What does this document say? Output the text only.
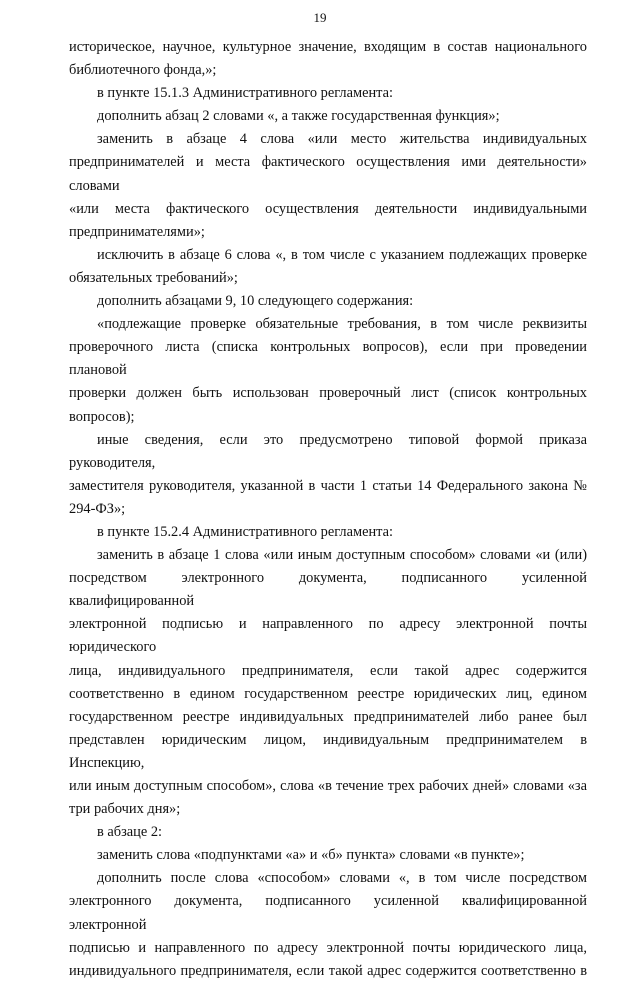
19

историческое, научное, культурное значение, входящим в состав национального

библиотечного фонда,»;

в пункте 15.1.3 Административного регламента:

дополнить абзац 2 словами «, а также государственная функция»;

заменить в абзаце 4 слова «или место жительства индивидуальных

предпринимателей и места фактического осуществления ими деятельности» словами

«или места фактического осуществления деятельности индивидуальными

предпринимателями»;

исключить в абзаце 6 слова «, в том числе с указанием подлежащих проверке

обязательных требований»;

дополнить абзацами 9, 10 следующего содержания:

«подлежащие проверке обязательные требования, в том числе реквизиты

проверочного листа (списка контрольных вопросов), если при проведении плановой

проверки должен быть использован проверочный лист (список контрольных

вопросов);

иные сведения, если это предусмотрено типовой формой приказа руководителя,

заместителя руководителя, указанной в части 1 статьи 14 Федерального закона №

294-ФЗ»;

в пункте 15.2.4 Административного регламента:

заменить в абзаце 1 слова «или иным доступным способом» словами «и (или)

посредством электронного документа, подписанного усиленной квалифицированной

электронной подписью и направленного по адресу электронной почты юридического

лица, индивидуального предпринимателя, если такой адрес содержится

соответственно в едином государственном реестре юридических лиц, едином

государственном реестре индивидуальных предпринимателей либо ранее был

представлен юридическим лицом, индивидуальным предпринимателем в Инспекцию,

или иным доступным способом», слова «в течение трех рабочих дней» словами «за

три рабочих дня»;

в абзаце 2:

заменить слова «подпунктами «а» и «б» пункта» словами «в пункте»;

дополнить после слова «способом» словами «, в том числе посредством

электронного документа, подписанного усиленной квалифицированной электронной

подписью и направленного по адресу электронной почты юридического лица,

индивидуального предпринимателя, если такой адрес содержится соответственно в
